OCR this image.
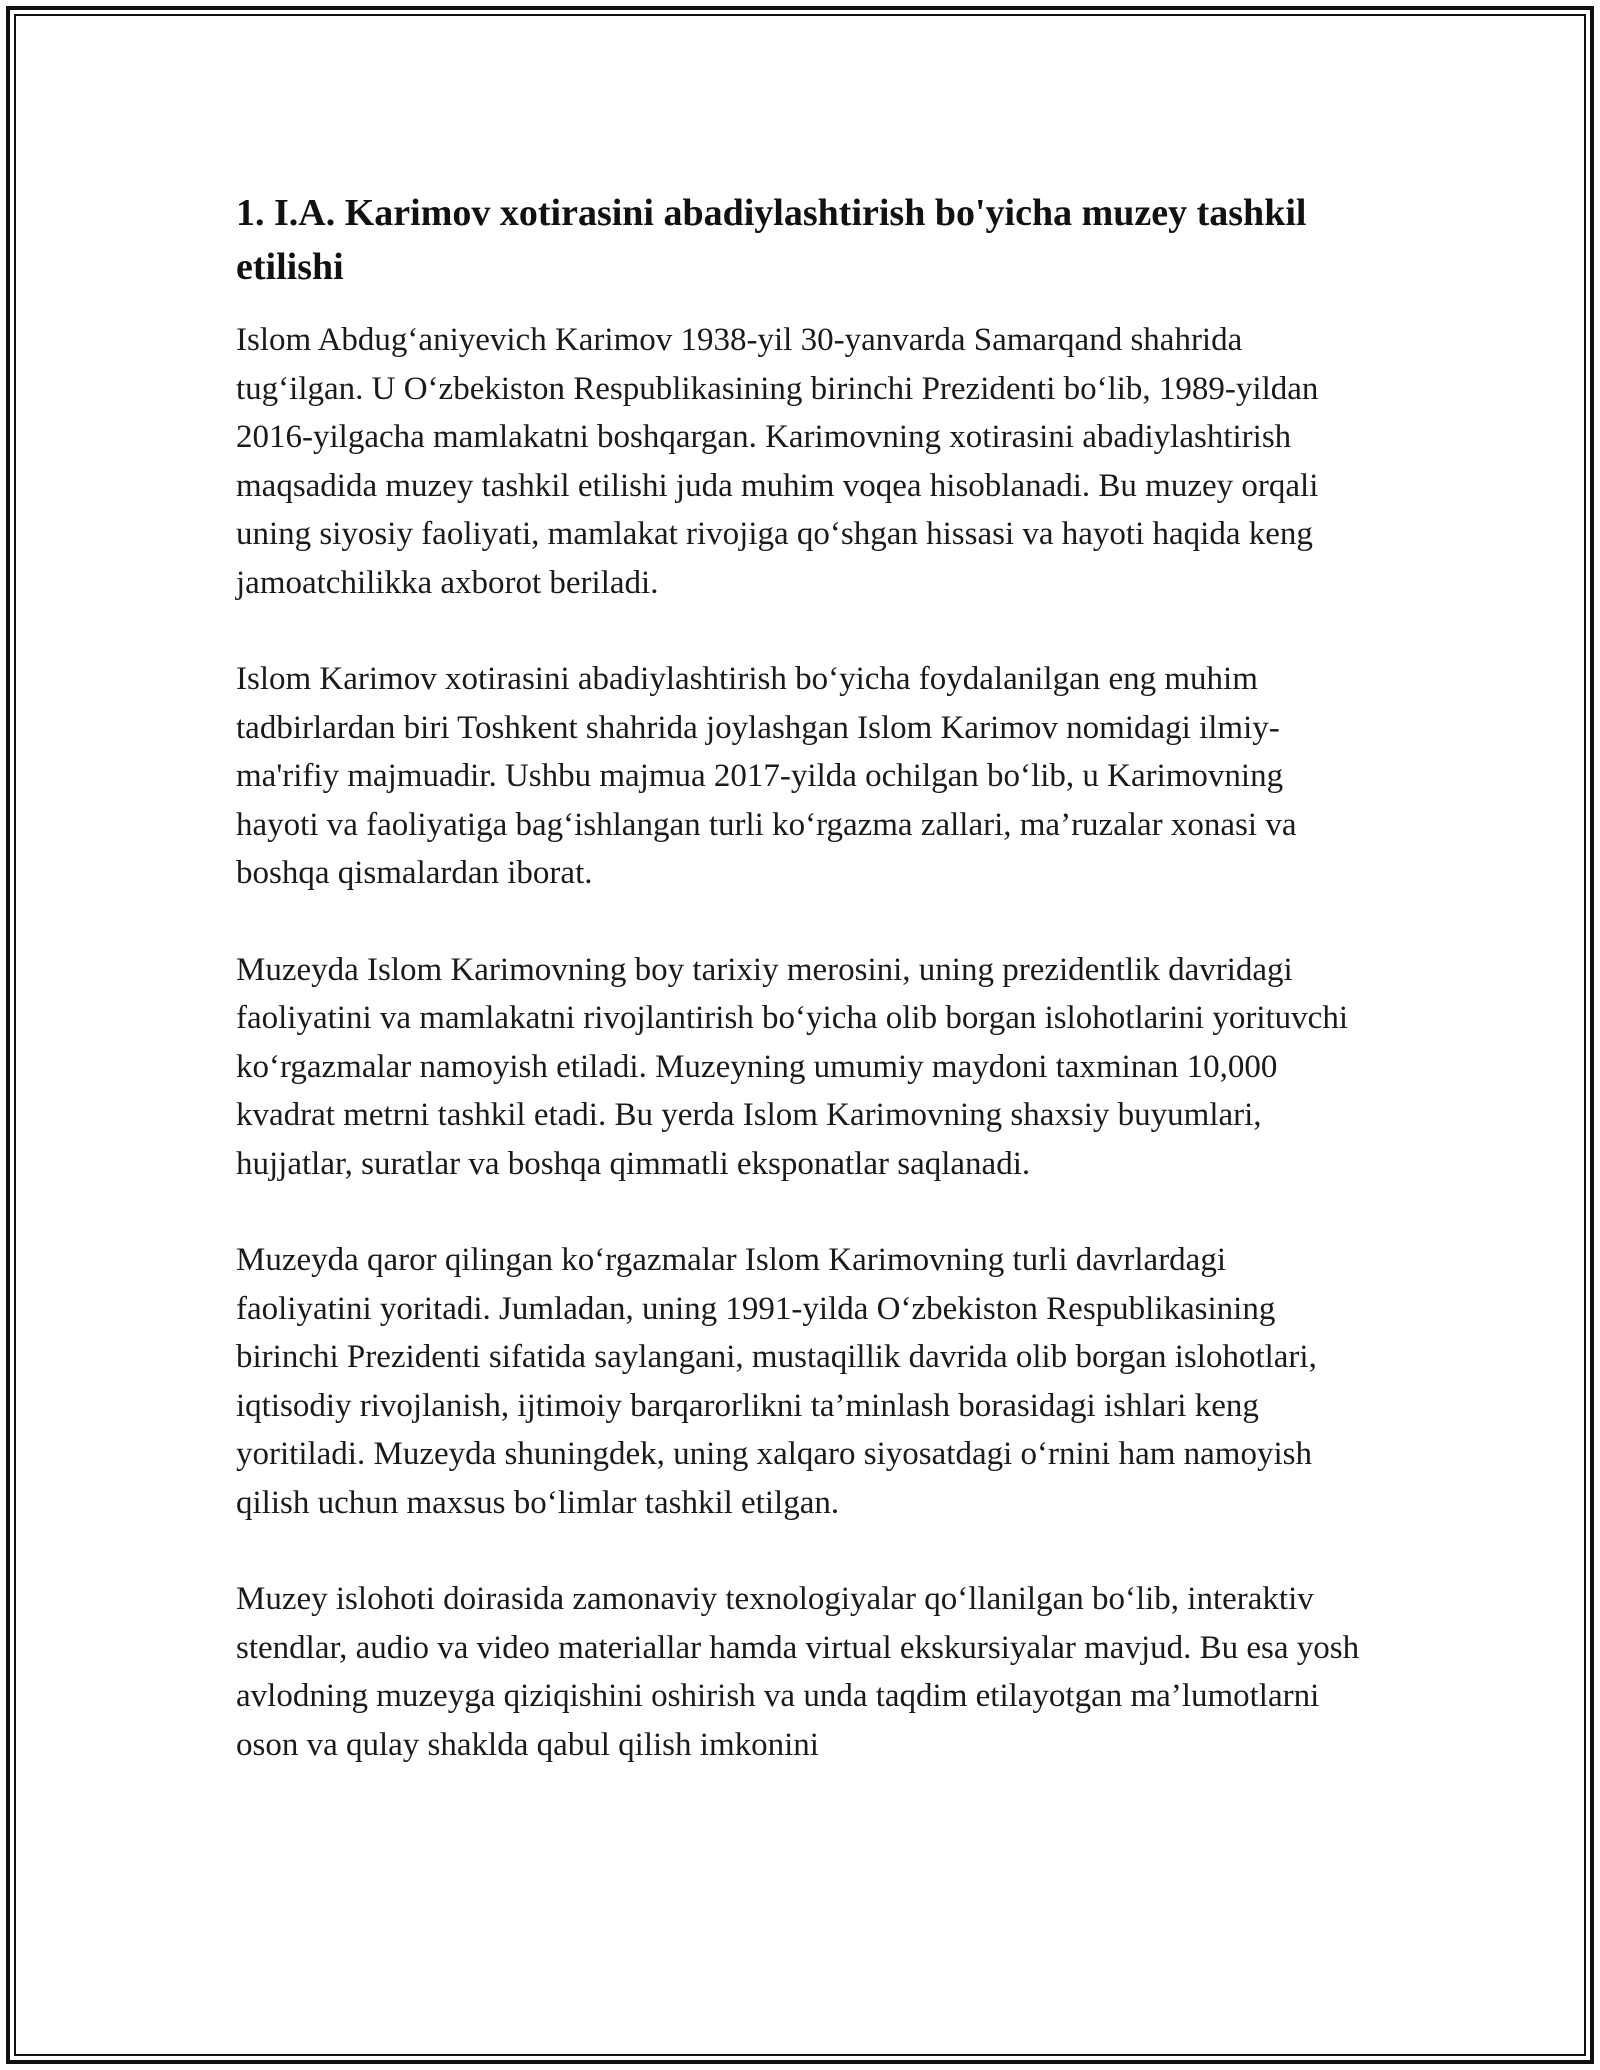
1. I.A. Karimov xotirasini abadiylashtirish bo'yicha muzey tashkil etilishi

Islom Abdug‘aniyevich Karimov 1938-yil 30-yanvarda Samarqand shahrida tug‘ilgan. U O‘zbekiston Respublikasining birinchi Prezidenti bo‘lib, 1989-yildan 2016-yilgacha mamlakatni boshqargan. Karimovning xotirasini abadiylashtirish maqsadida muzey tashkil etilishi juda muhim voqea hisoblanadi. Bu muzey orqali uning siyosiy faoliyati, mamlakat rivojiga qo‘shgan hissasi va hayoti haqida keng jamoatchilikka axborot beriladi.

Islom Karimov xotirasini abadiylashtirish bo‘yicha foydalanilgan eng muhim tadbirlardan biri Toshkent shahrida joylashgan Islom Karimov nomidagi ilmiy-ma'rifiy majmuadir. Ushbu majmua 2017-yilda ochilgan bo‘lib, u Karimovning hayoti va faoliyatiga bag‘ishlangan turli ko‘rgazma zallari, ma’ruzalar xonasi va boshqa qismalardan iborat.

Muzeyda Islom Karimovning boy tarixiy merosini, uning prezidentlik davridagi faoliyatini va mamlakatni rivojlantirish bo‘yicha olib borgan islohotlarini yorituvchi ko‘rgazmalar namoyish etiladi. Muzeyning umumiy maydoni taxminan 10,000 kvadrat metrni tashkil etadi. Bu yerda Islom Karimovning shaxsiy buyumlari, hujjatlar, suratlar va boshqa qimmatli eksponatlar saqlanadi.

Muzeyda qaror qilingan ko‘rgazmalar Islom Karimovning turli davrlardagi faoliyatini yoritadi. Jumladan, uning 1991-yilda O‘zbekiston Respublikasining birinchi Prezidenti sifatida saylangani, mustaqillik davrida olib borgan islohotlari, iqtisodiy rivojlanish, ijtimoiy barqarorlikni ta’minlash borasidagi ishlari keng yoritiladi. Muzeyda shuningdek, uning xalqaro siyosatdagi o‘rnini ham namoyish qilish uchun maxsus bo‘limlar tashkil etilgan.

Muzey islohoti doirasida zamonaviy texnologiyalar qo‘llanilgan bo‘lib, interaktiv stendlar, audio va video materiallar hamda virtual ekskursiyalar mavjud. Bu esa yosh avlodning muzeyga qiziqishini oshirish va unda taqdim etilayotgan ma’lumotlarni oson va qulay shaklda qabul qilish imkonini
